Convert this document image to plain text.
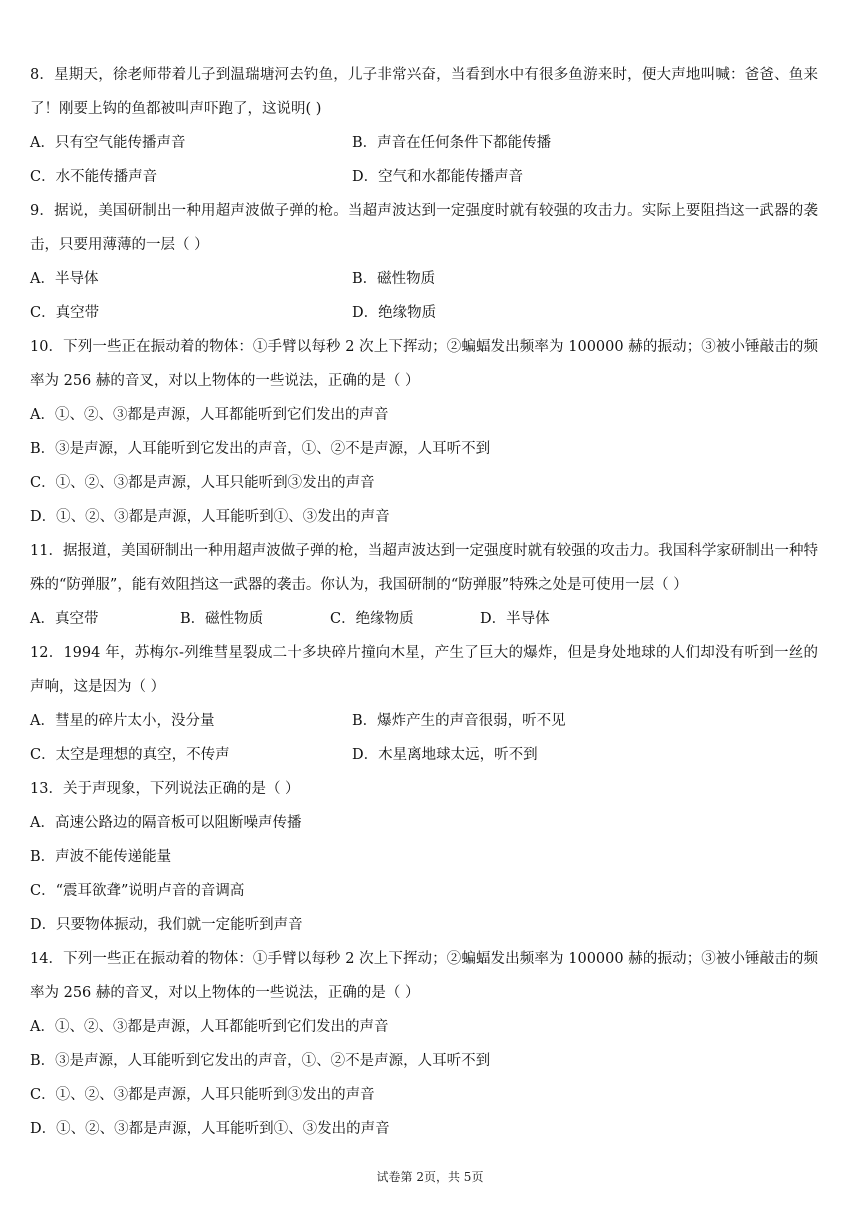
8．星期天，徐老师带着儿子到温瑞塘河去钓鱼，儿子非常兴奋，当看到水中有很多鱼游来时，便大声地叫喊：爸爸、鱼来了！刚要上钩的鱼都被叫声吓跑了，这说明( )

A．只有空气能传播声音	B．声音在任何条件下都能传播
C．水不能传播声音	D．空气和水都能传播声音

9．据说，美国研制出一种用超声波做子弹的枪。当超声波达到一定强度时就有较强的攻击力。实际上要阻挡这一武器的袭击，只要用薄薄的一层（ ）

A．半导体	B．磁性物质
C．真空带	D．绝缘物质

10．下列一些正在振动着的物体：①手臂以每秒 2 次上下挥动；②蝙蝠发出频率为 100000 赫的振动；③被小锤敲击的频率为 256 赫的音叉，对以上物体的一些说法，正确的是（ ）

A．①、②、③都是声源，人耳都能听到它们发出的声音
B．③是声源，人耳能听到它发出的声音，①、②不是声源，人耳听不到
C．①、②、③都是声源，人耳只能听到③发出的声音
D．①、②、③都是声源，人耳能听到①、③发出的声音

11．据报道，美国研制出一种用超声波做子弹的枪，当超声波达到一定强度时就有较强的攻击力。我国科学家研制出一种特殊的“防弹服”，能有效阻挡这一武器的袭击。你认为，我国研制的“防弹服”特殊之处是可使用一层（ ）

A．真空带	B．磁性物质	C．绝缘物质	D．半导体

12．1994 年，苏梅尔-列维彗星裂成二十多块碎片撞向木星，产生了巨大的爆炸，但是身处地球的人们却没有听到一丝的声响，这是因为（ ）

A．彗星的碎片太小，没分量	B．爆炸产生的声音很弱，听不见
C．太空是理想的真空，不传声	D．木星离地球太远，听不到

13．关于声现象，下列说法正确的是（ ）

A．高速公路边的隔音板可以阻断噪声传播
B．声波不能传递能量
C．“震耳欲聋”说明卢音的音调高
D．只要物体振动，我们就一定能听到声音

14．下列一些正在振动着的物体：①手臂以每秒 2 次上下挥动；②蝙蝠发出频率为 100000 赫的振动；③被小锤敲击的频率为 256 赫的音叉，对以上物体的一些说法，正确的是（ ）

A．①、②、③都是声源，人耳都能听到它们发出的声音
B．③是声源，人耳能听到它发出的声音，①、②不是声源，人耳听不到
C．①、②、③都是声源，人耳只能听到③发出的声音
D．①、②、③都是声源，人耳能听到①、③发出的声音
试卷第 2页，共 5页
